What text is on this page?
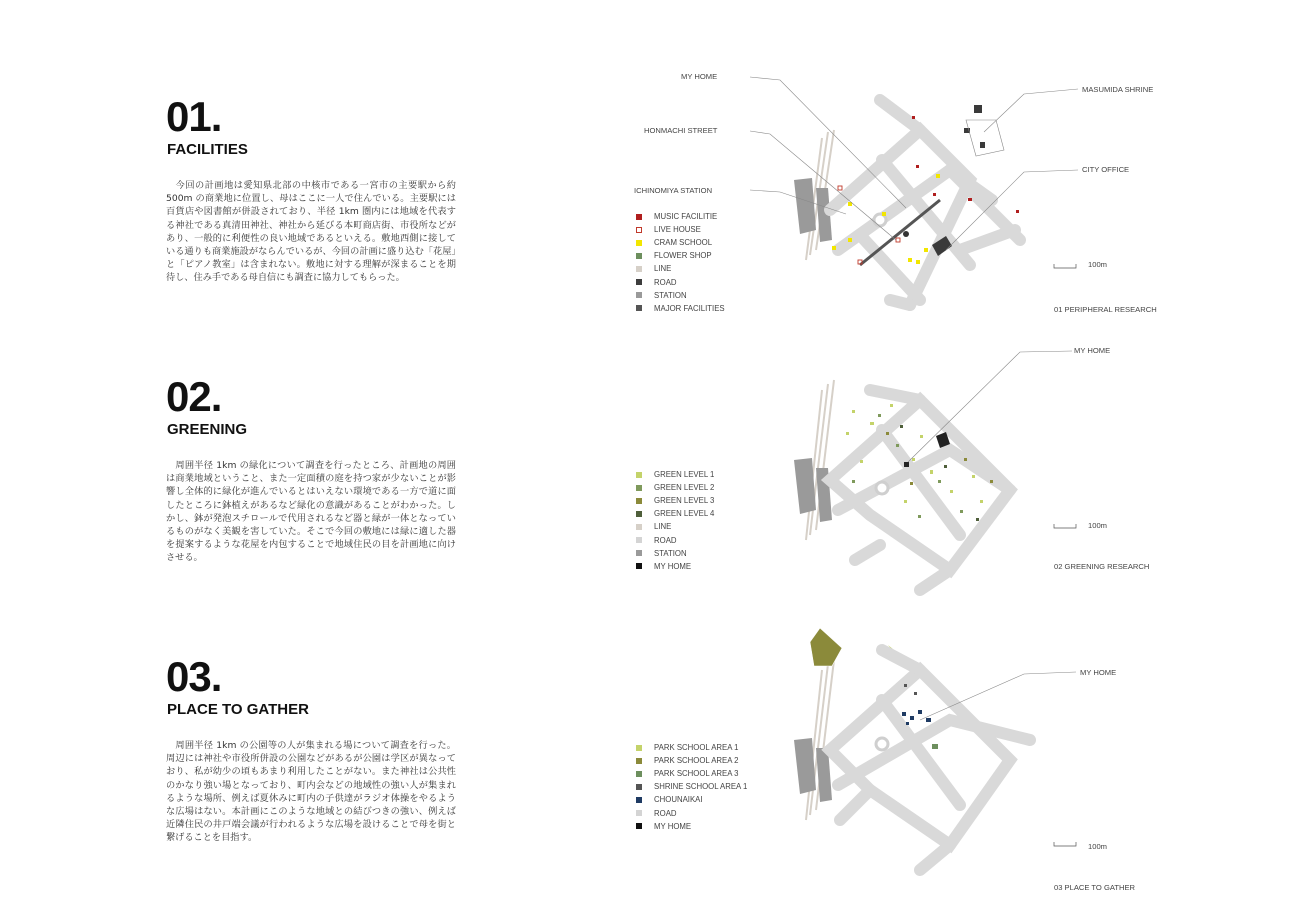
01.
FACILITIES

　今回の計画地は愛知県北部の中核市である一宮市の主要駅から約 500m の商業地に位置し、母はここに一人で住んでいる。主要駅には百貨店や図書館が併設されており、半径 1km 圏内には地域を代表する神社である真清田神社、神社から延びる本町商店街、市役所などがあり、一般的に利便性の良い地域であるといえる。敷地西側に接している通りも商業施設がならんでいるが、今回の計画に盛り込む「花屋」と「ピアノ教室」は含まれない。敷地に対する理解が深まることを期待し、住み手である母自信にも調査に協力してもらった。

MUSIC FACILITIE
LIVE HOUSE
CRAM SCHOOL
FLOWER SHOP
LINE
ROAD
STATION
MAJOR FACILITIES
MY HOME
HONMACHI STREET
ICHINOMIYA STATION
MASUMIDA SHRINE
CITY OFFICE
100m
01 PERIPHERAL RESEARCH
02.
GREENING

　周囲半径 1km の緑化について調査を行ったところ、計画地の周囲は商業地域ということ、また一定面積の庭を持つ家が少ないことが影響し全体的に緑化が進んでいるとはいえない環境である一方で道に面したところに鉢植えがあるなど緑化の意識があることがわかった。しかし、鉢が発泡スチロールで代用されるなど器と緑が一体となっているものがなく美観を害していた。そこで今回の敷地には緑に適した器を提案するような花屋を内包することで地域住民の目を計画地に向けさせる。

GREEN LEVEL 1
GREEN LEVEL 2
GREEN LEVEL 3
GREEN LEVEL 4
LINE
ROAD
STATION
MY HOME
MY HOME
100m
02 GREENING RESEARCH
03.
PLACE TO GATHER

　周囲半径 1km の公園等の人が集まれる場について調査を行った。周辺には神社や市役所併設の公園などがあるが公園は学区が異なっており、私が幼少の頃もあまり利用したことがない。また神社は公共性のかなり強い場となっており、町内会などの地域性の強い人が集まれるような場所、例えば夏休みに町内の子供達がラジオ体操をやるような広場はない。本計画にこのような地域との結びつきの強い、例えば近隣住民の井戸端会議が行われるような広場を設けることで母を街と繋げることを目指す。

PARK SCHOOL AREA 1
PARK SCHOOL AREA 2
PARK SCHOOL AREA 3
SHRINE SCHOOL AREA 1
CHOUNAIKAI
ROAD
MY HOME
MY HOME
100m
03 PLACE TO GATHER
